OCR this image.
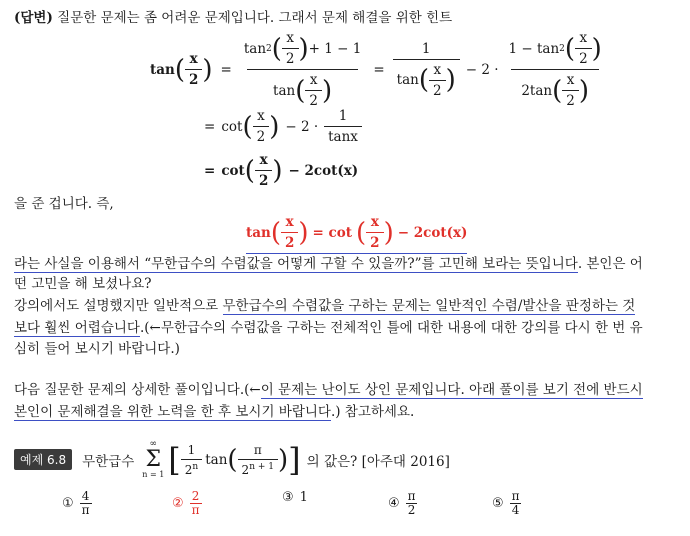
(답변) 질문한 문제는 좀 어려운 문제입니다. 그래서 문제 해결을 위한 힌트
tan ( $\frac{x}{2}$ ) = $\frac{\tan 2 ( \frac{x}{2} ) + 1 - 1}{\tan ( \frac{x}{2} )} = \frac{1}{\tan ( \frac{x}{2} )} - 2 \cdot \frac{1 - \tan 2 ( \frac{x}{2} )}{2\tan ( \frac{x}{2} )}$
= cot ( $\frac{x}{2}$ ) − $2 \cdot \frac{1}{\tan x}$
= cot ( $\frac{x}{2}$ ) − 2cot(x)
을 준 겁니다. 즉,
tan ( $\frac{x}{2}$ ) = cot ( $\frac{x}{2}$ ) − 2cot(x)
라는 사실을 이용해서 “무한급수의 수렴값을 어떻게 구할 수 있을까?”를 고민해 보라는 뜻입니다. 본인은 어
떤 고민을 해 보셨나요?
강의에서도 설명했지만 일반적으로 무한급수의 수렴값을 구하는 문제는 일반적인 수렴/발산을 판정하는 것
보다 훨씬 어렵습니다.(←무한급수의 수렴값을 구하는 전체적인 틀에 대한 내용에 대한 강의를 다시 한 번 유
심히 들어 보시기 바랍니다.)
다음 질문한 문제의 상세한 풀이입니다.(←이 문제는 난이도 상인 문제입니다. 아래 풀이를 보기 전에 반드시
본인이 문제해결을 위한 노력을 한 후 보시기 바랍니다.) 참고하세요.
예제 6.8	무한급수
∞
Σ
n = 1 [ $\frac{1}{2^n}$ tan ( $\frac{\pi}{2^{n + 1}}$ ) ] 의 값은? [아주대 2016]
① $\frac{4}{\pi}$	② $\frac{2}{\pi}$	③ 1	④ $\frac{\pi}{2}$	⑤ $\frac{\pi}{4}$
